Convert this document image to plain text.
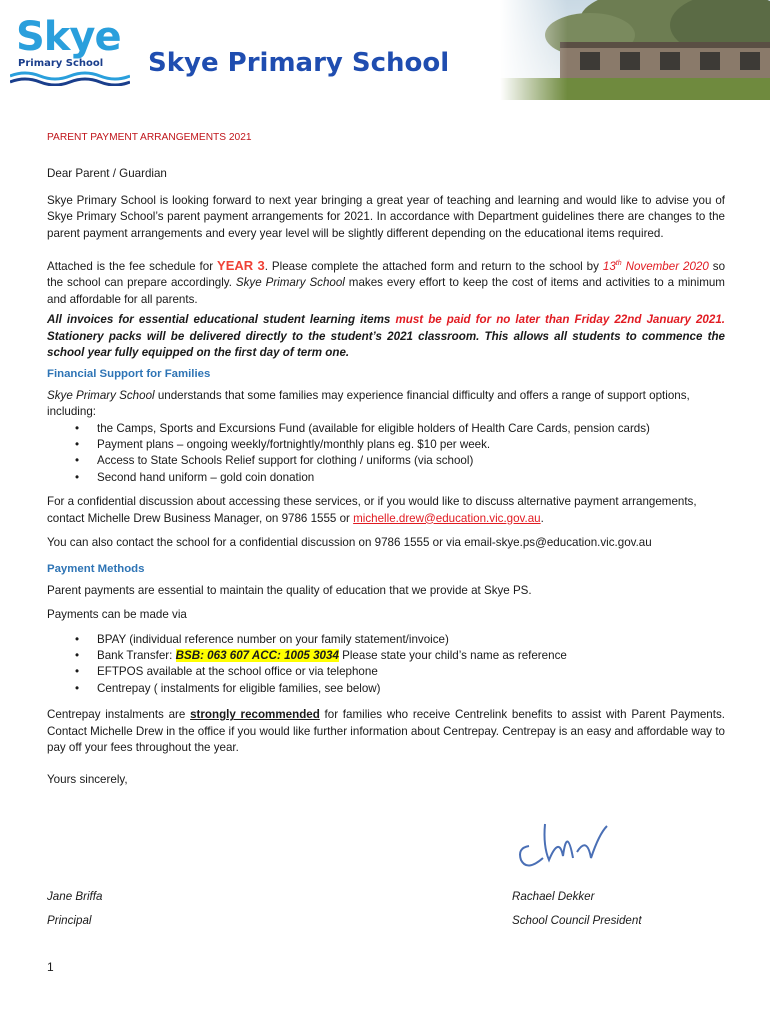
Skye
Primary School Skye Primary School

PARENT PAYMENT ARRANGEMENTS 2021

Dear Parent / Guardian

Skye Primary School is looking forward to next year bringing a great year of teaching and learning and would like to advise you of Skye Primary School’s parent payment arrangements for 2021. In accordance with Department guidelines there are changes to the parent payment arrangements and every year level will be slightly different depending on the educational items required.

Attached is the fee schedule for YEAR 3. Please complete the attached form and return to the school by 13th November 2020 so the school can prepare accordingly. Skye Primary School makes every effort to keep the cost of items and activities to a minimum and affordable for all parents.

All invoices for essential educational student learning items must be paid for no later than Friday 22nd January 2021. Stationery packs will be delivered directly to the student’s 2021 classroom. This allows all students to commence the school year fully equipped on the first day of term one.

Financial Support for Families

Skye Primary School understands that some families may experience financial difficulty and offers a range of support options, including:

• the Camps, Sports and Excursions Fund (available for eligible holders of Health Care Cards, pension cards)
• Payment plans – ongoing weekly/fortnightly/monthly plans eg. $10 per week.
• Access to State Schools Relief support for clothing / uniforms (via school)
• Second hand uniform – gold coin donation

For a confidential discussion about accessing these services, or if you would like to discuss alternative payment arrangements, contact Michelle Drew Business Manager, on 9786 1555 or michelle.drew@education.vic.gov.au.

You can also contact the school for a confidential discussion on 9786 1555 or via email-skye.ps@education.vic.gov.au

Payment Methods

Parent payments are essential to maintain the quality of education that we provide at Skye PS.

Payments can be made via

• BPAY (individual reference number on your family statement/invoice)
• Bank Transfer: BSB: 063 607 ACC: 1005 3034 Please state your child’s name as reference
• EFTPOS available at the school office or via telephone
• Centrepay ( instalments for eligible families, see below)

Centrepay instalments are strongly recommended for families who receive Centrelink benefits to assist with Parent Payments. Contact Michelle Drew in the office if you would like further information about Centrepay. Centrepay is an easy and affordable way to pay off your fees throughout the year.

Yours sincerely,

Jane Briffa
Principal
Rachael Dekker
School Council President
1
